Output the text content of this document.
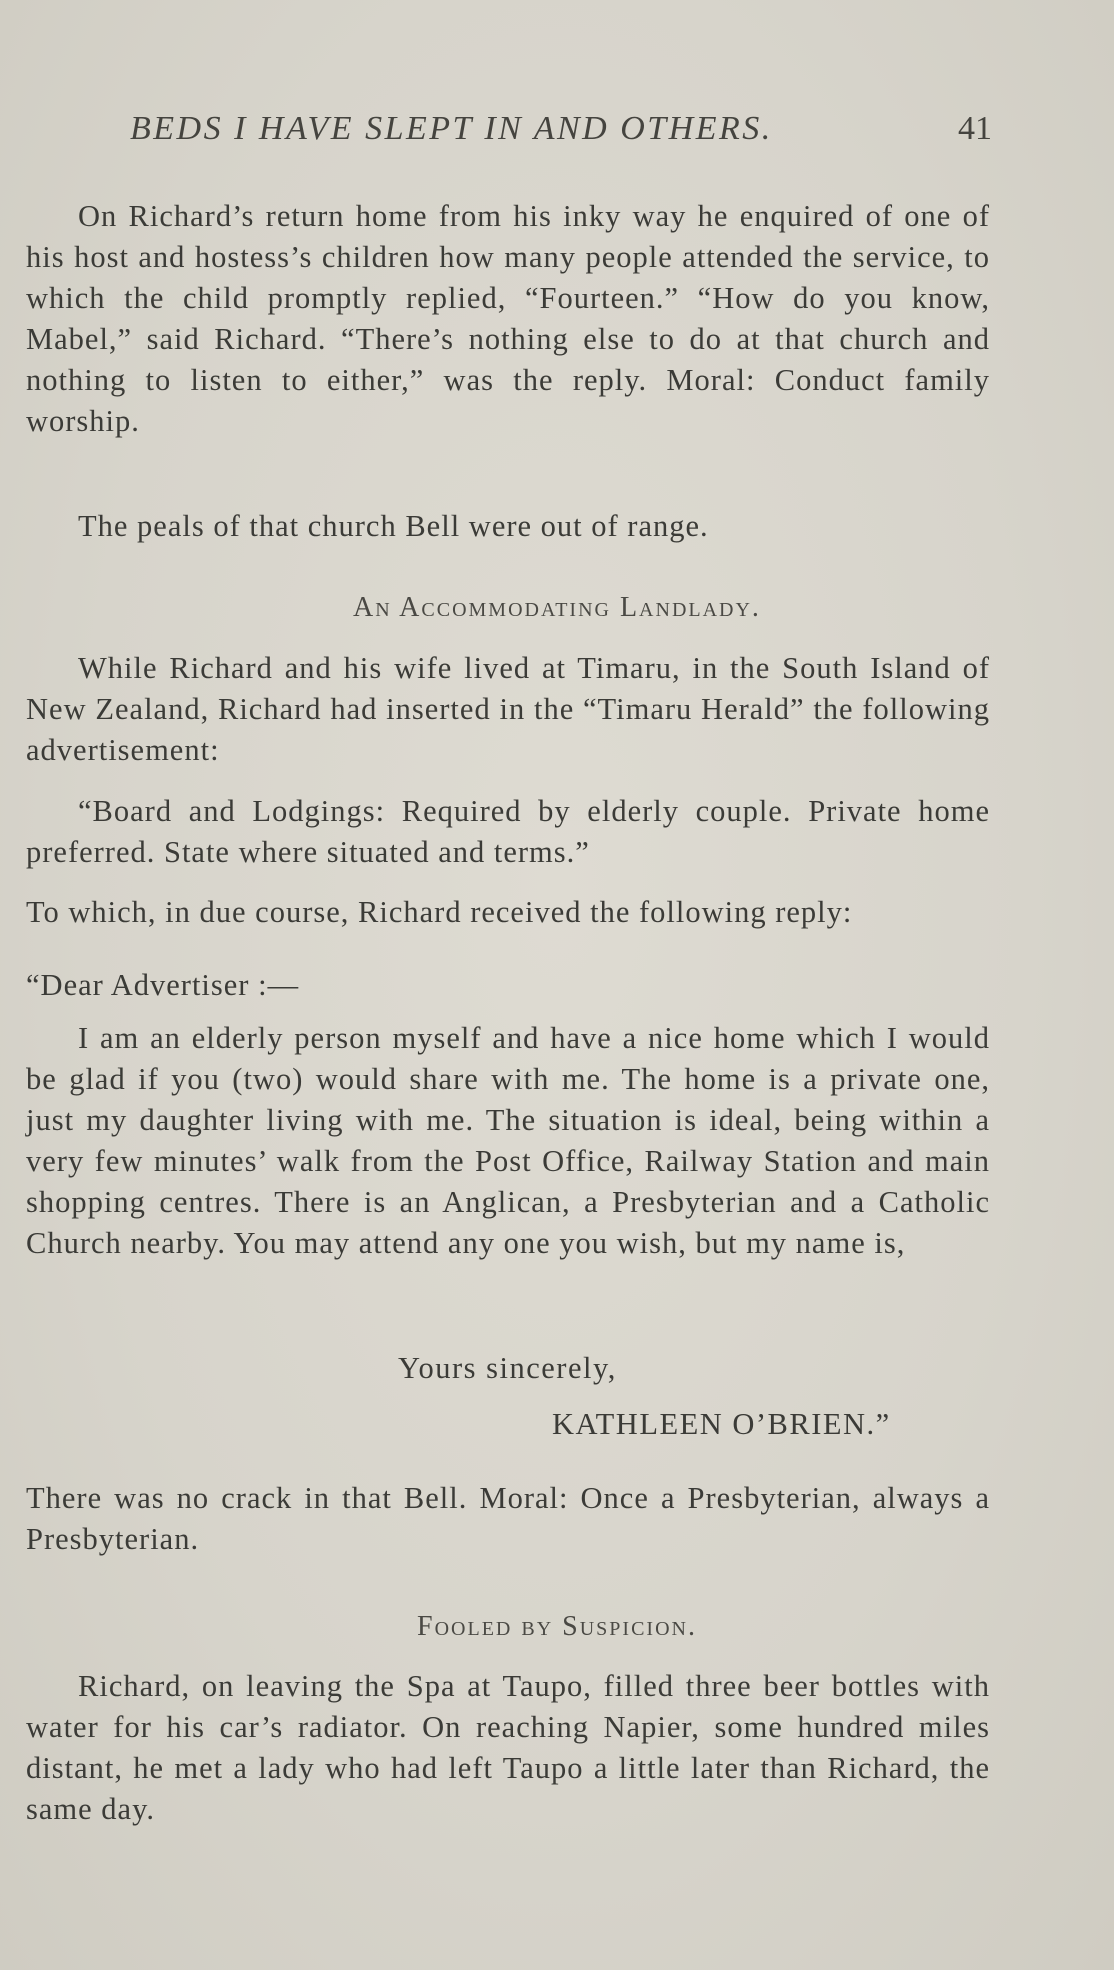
BEDS I HAVE SLEPT IN AND OTHERS.	41

On Richard’s return home from his inky way he enquired of one of his host and hostess’s children how many people attended the service, to which the child promptly replied, “Fourteen.” “How do you know, Mabel,” said Richard. “There’s nothing else to do at that church and nothing to listen to either,” was the reply. Moral: Conduct family worship.

The peals of that church Bell were out of range.

An Accommodating Landlady.

While Richard and his wife lived at Timaru, in the South Island of New Zealand, Richard had inserted in the “Timaru Herald” the following advertisement:

“Board and Lodgings: Required by elderly couple. Private home preferred. State where situated and terms.”

To which, in due course, Richard received the following reply:

“Dear Advertiser :—

I am an elderly person myself and have a nice home which I would be glad if you (two) would share with me. The home is a private one, just my daughter living with me. The situation is ideal, being within a very few minutes’ walk from the Post Office, Railway Station and main shopping centres. There is an Anglican, a Presbyterian and a Catholic Church nearby. You may attend any one you wish, but my name is,

Yours sincerely,

KATHLEEN O’BRIEN.”

There was no crack in that Bell. Moral: Once a Presbyterian, always a Presbyterian.

Fooled by Suspicion.

Richard, on leaving the Spa at Taupo, filled three beer bottles with water for his car’s radiator. On reaching Napier, some hundred miles distant, he met a lady who had left Taupo a little later than Richard, the same day.
